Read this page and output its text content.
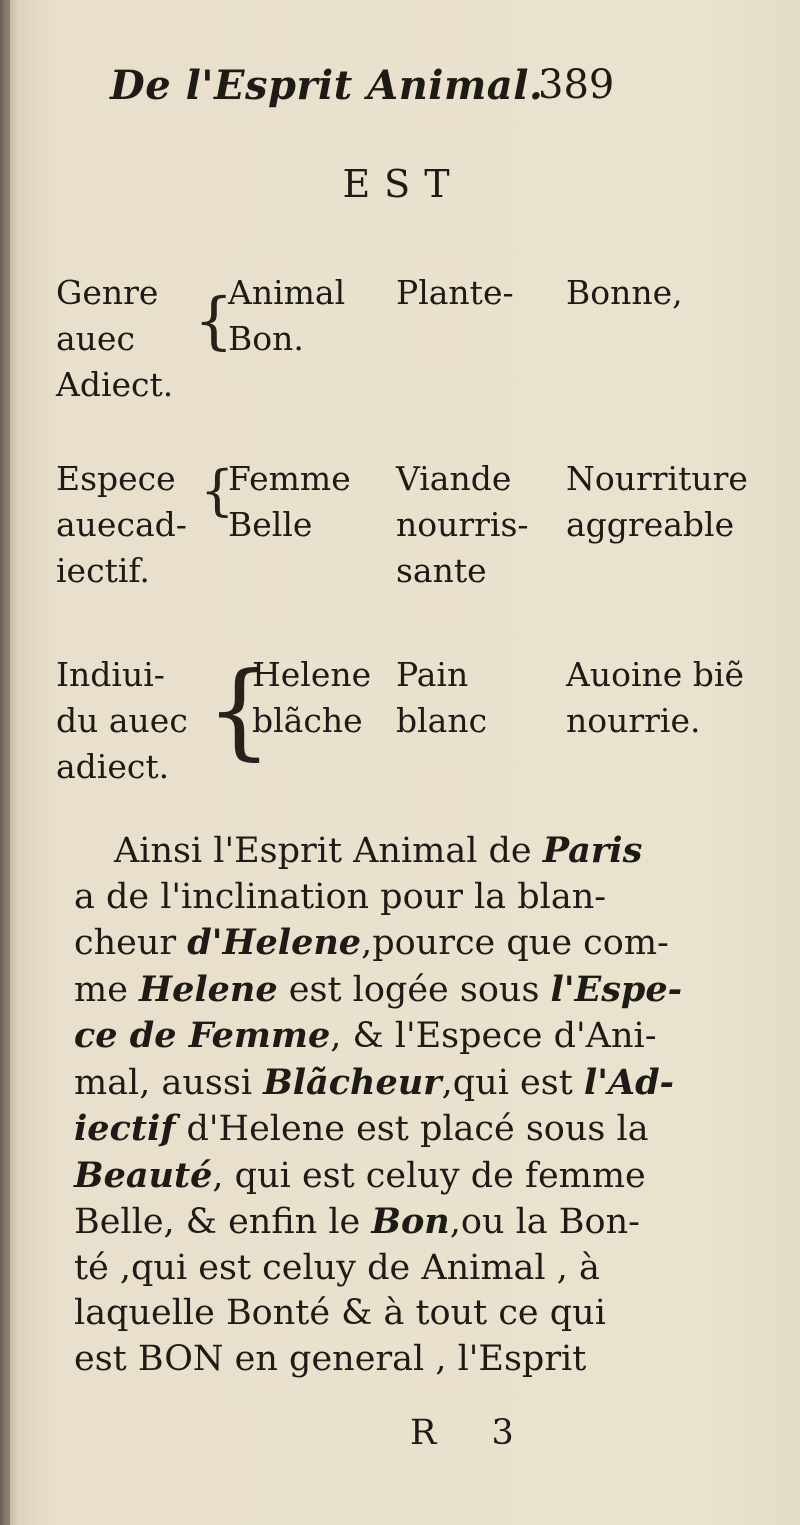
De l'Esprit Animal.
389
EST
Genre
auec
Adiect.
{
Animal
Bon.
Plante- Bonne,
Espece
auecad-
iectif.
{
Femme
Belle
Viande
nourris-
sante
Nourriture
aggreable
Indiui-
du auec
adiect. {
Helene
blãche
Pain
blanc
Auoine biẽ
nourrie.
Ainsi l'Esprit Animal de Paris
a de l'inclination pour la blan-
cheur d'Helene,pource que com-
me Helene est logée sous l'Espe-
ce de Femme, & l'Espece d'Ani-
mal, aussi Blãcheur,qui est l'Ad-
iectif d'Helene est placé sous la
Beauté, qui est celuy de femme
Belle, & enfin le Bon,ou la Bon-
té ,qui est celuy de Animal , à
laquelle Bonté & à tout ce qui
est BON en general , l'Esprit
R 3
